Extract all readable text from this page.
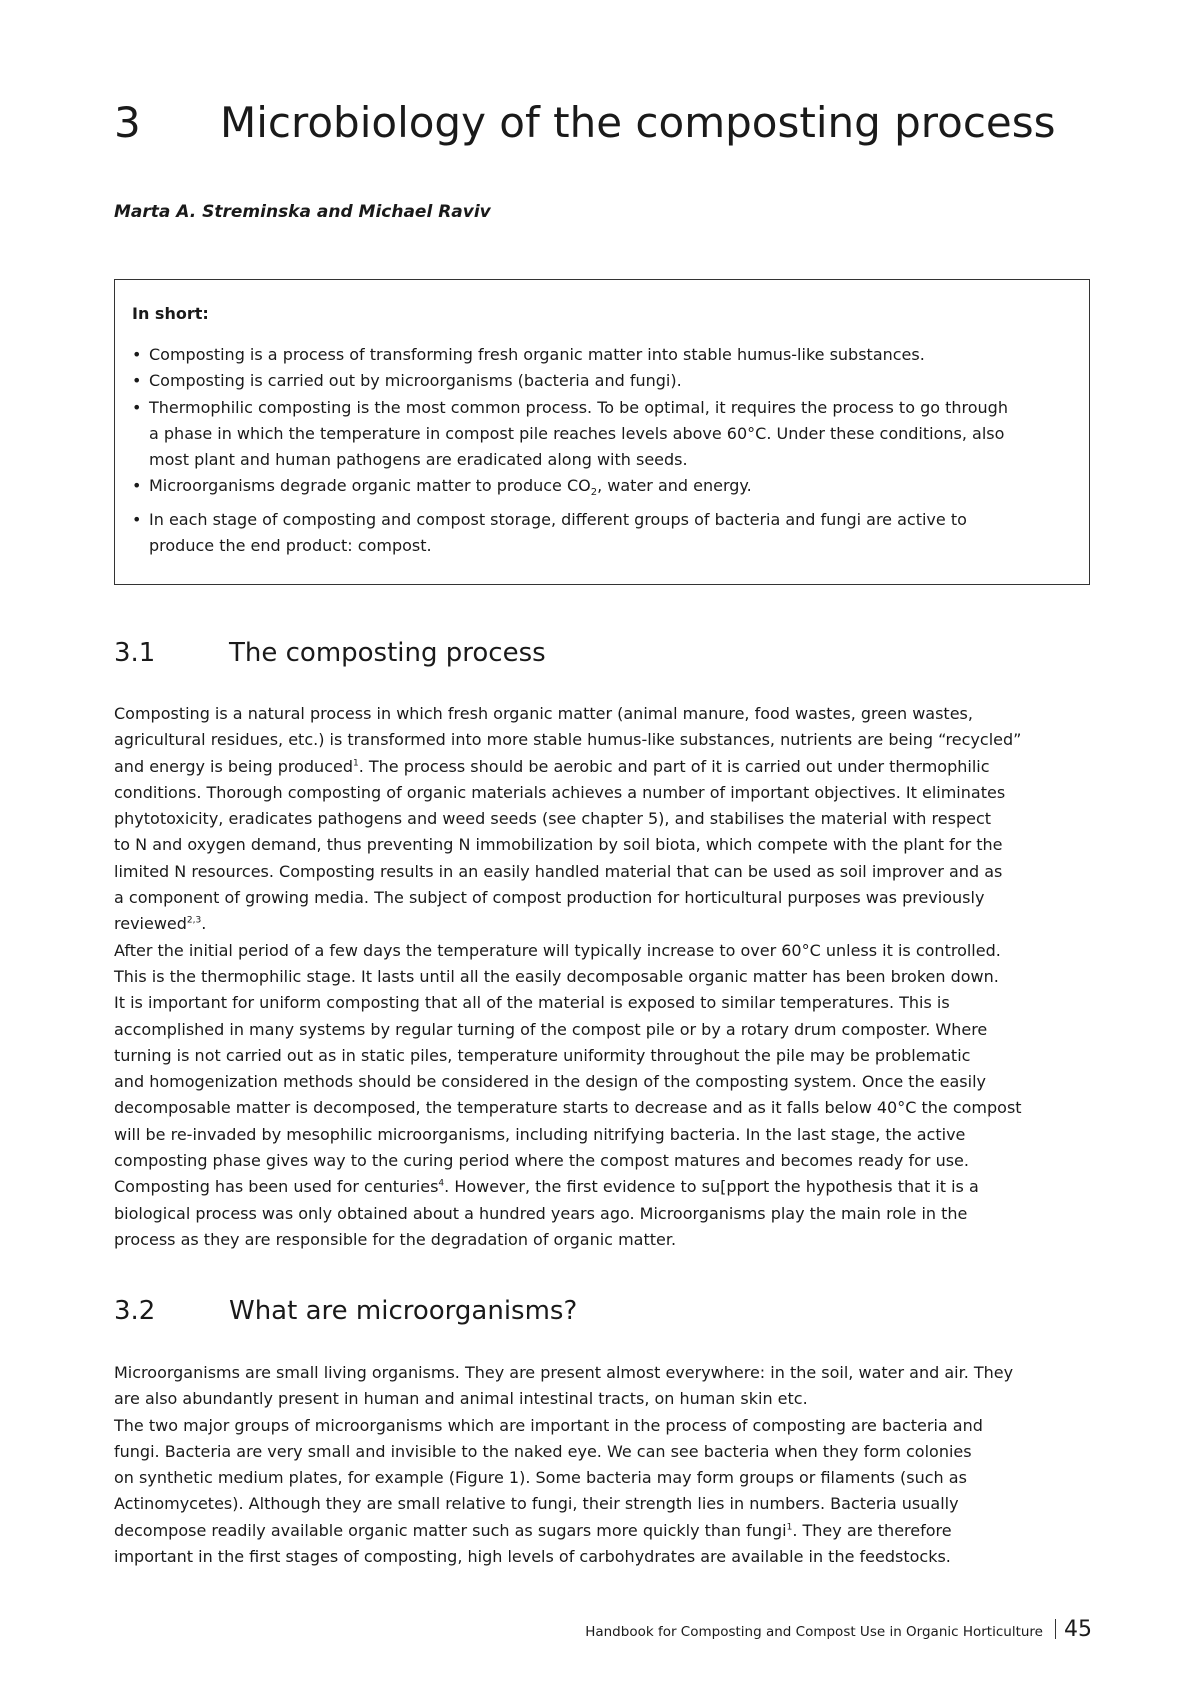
3 Microbiology of the composting process

Marta A. Streminska and Michael Raviv

In short:
• Composting is a process of transforming fresh organic matter into stable humus-like substances.
• Composting is carried out by microorganisms (bacteria and fungi).
• Thermophilic composting is the most common process. To be optimal, it requires the process to go through
a phase in which the temperature in compost pile reaches levels above 60°C. Under these conditions, also
most plant and human pathogens are eradicated along with seeds.
• Microorganisms degrade organic matter to produce $CO_2$, water and energy.
• In each stage of composting and compost storage, different groups of bacteria and fungi are active to
produce the end product: compost.
3.1	The composting process

Composting is a natural process in which fresh organic matter (animal manure, food wastes, green wastes,
agricultural residues, etc.) is transformed into more stable humus-like substances, nutrients are being “recycled”
and energy is being produced$^1$. The process should be aerobic and part of it is carried out under thermophilic
conditions. Thorough composting of organic materials achieves a number of important objectives. It eliminates
phytotoxicity, eradicates pathogens and weed seeds (see chapter 5), and stabilises the material with respect
to N and oxygen demand, thus preventing N immobilization by soil biota, which compete with the plant for the
limited N resources. Composting results in an easily handled material that can be used as soil improver and as
a component of growing media. The subject of compost production for horticultural purposes was previously
reviewed$^{2,3}$.

After the initial period of a few days the temperature will typically increase to over 60°C unless it is controlled.
This is the thermophilic stage. It lasts until all the easily decomposable organic matter has been broken down.
It is important for uniform composting that all of the material is exposed to similar temperatures. This is
accomplished in many systems by regular turning of the compost pile or by a rotary drum composter. Where
turning is not carried out as in static piles, temperature uniformity throughout the pile may be problematic
and homogenization methods should be considered in the design of the composting system. Once the easily
decomposable matter is decomposed, the temperature starts to decrease and as it falls below 40°C the compost
will be re-invaded by mesophilic microorganisms, including nitrifying bacteria. In the last stage, the active
composting phase gives way to the curing period where the compost matures and becomes ready for use.
Composting has been used for centuries$^4$. However, the first evidence to su[pport the hypothesis that it is a
biological process was only obtained about a hundred years ago. Microorganisms play the main role in the
process as they are responsible for the degradation of organic matter.

3.2	What are microorganisms?

Microorganisms are small living organisms. They are present almost everywhere: in the soil, water and air. They
are also abundantly present in human and animal intestinal tracts, on human skin etc.

The two major groups of microorganisms which are important in the process of composting are bacteria and
fungi. Bacteria are very small and invisible to the naked eye. We can see bacteria when they form colonies
on synthetic medium plates, for example (Figure 1). Some bacteria may form groups or filaments (such as
Actinomycetes). Although they are small relative to fungi, their strength lies in numbers. Bacteria usually
decompose readily available organic matter such as sugars more quickly than fungi$^1$. They are therefore
important in the first stages of composting, high levels of carbohydrates are available in the feedstocks.

Handbook for Composting and Compost Use in Organic Horticulture 45
